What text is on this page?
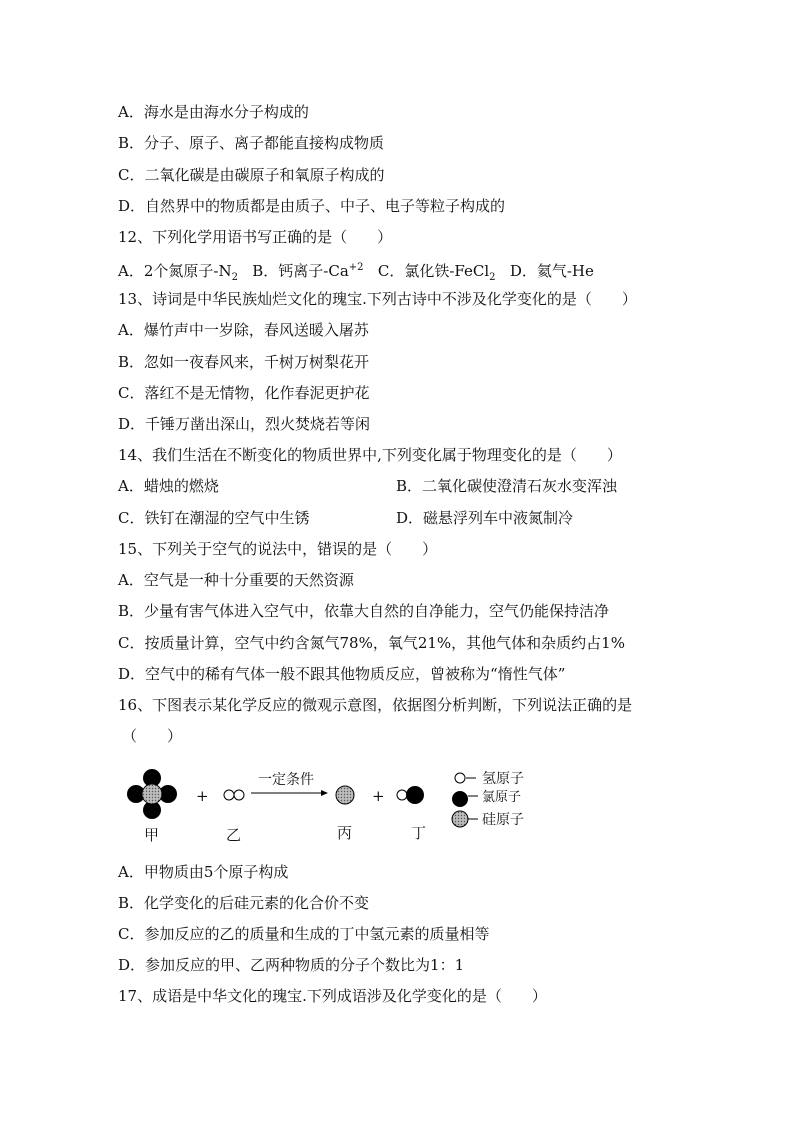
A．海水是由海水分子构成的
B．分子、原子、离子都能直接构成物质
C．二氧化碳是由碳原子和氧原子构成的
D．自然界中的物质都是由质子、中子、电子等粒子构成的
12、下列化学用语书写正确的是（　　）
A．2个氮原子$-N_2$ B．钙离子$-Ca^{+2}$ C．氯化铁-FeCl$_2$ D．氦气-He
13、诗词是中华民族灿烂文化的瑰宝.下列古诗中不涉及化学变化的是（　　）
A．爆竹声中一岁除，春风送暖入屠苏
B．忽如一夜春风来，千树万树梨花开
C．落红不是无情物，化作春泥更护花
D．千锤万凿出深山，烈火焚烧若等闲
14、我们生活在不断变化的物质世界中,下列变化属于物理变化的是（　　）
A．蜡烛的燃烧	B．二氧化碳使澄清石灰水变浑浊
C．铁钉在潮湿的空气中生锈	D．磁悬浮列车中液氮制冷
15、下列关于空气的说法中，错误的是（　　）
A．空气是一种十分重要的天然资源
B．少量有害气体进入空气中，依靠大自然的自净能力，空气仍能保持洁净
C．按质量计算，空气中约含氮气78%，氧气21%，其他气体和杂质约占1%
D．空气中的稀有气体一般不跟其他物质反应，曾被称为“惰性气体”
16、下图表示某化学反应的微观示意图，依据图分析判断，下列说法正确的是
（　　）
+	+
一定条件
甲	乙	丙	丁
氢原子
氯原子
硅原子
A．甲物质由5个原子构成
B．化学变化的后硅元素的化合价不变
C．参加反应的乙的质量和生成的丁中氢元素的质量相等
D．参加反应的甲、乙两种物质的分子个数比为1：1
17、成语是中华文化的瑰宝.下列成语涉及化学变化的是（　　）
